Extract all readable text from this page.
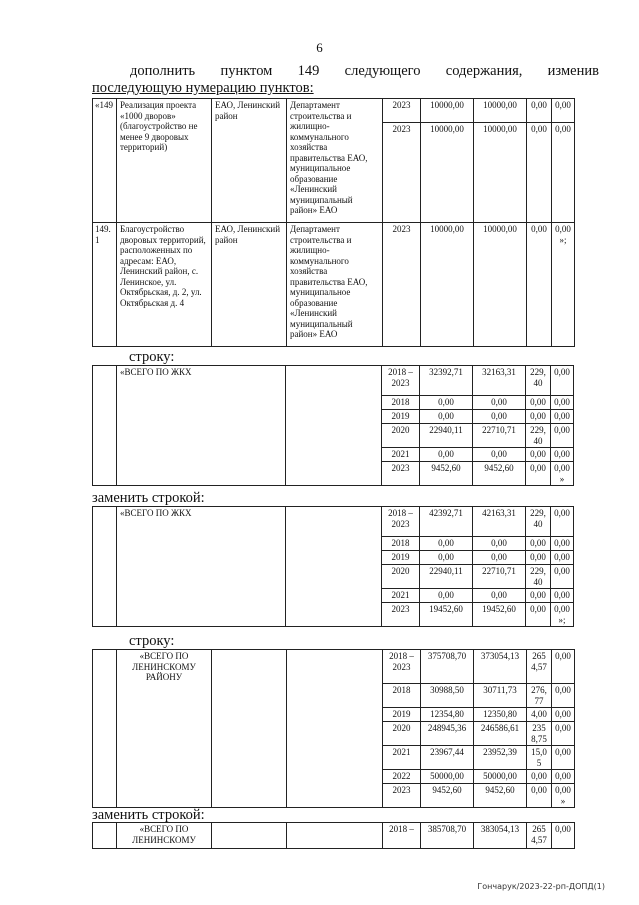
6
дополнить пунктом 149 следующего содержания, изменив
последующую нумерацию пунктов:
«149	Реализация проекта «1000 дворов» (благоустройство не менее 9 дворовых территорий)	ЕАО, Ленинский район	Департамент строительства и жилищно-коммунального хозяйства правительства ЕАО, муниципальное образование «Ленинский муниципальный район» ЕАО	2023	10000,00	10000,00	0,00	0,00
				2023	10000,00	10000,00	0,00	0,00
149. 1	Благоустройство дворовых территорий, расположенных по адресам: ЕАО, Ленинский район, с. Ленинское, ул. Октябрьская, д. 2, ул. Октябрьская д. 4	ЕАО, Ленинский район	Департамент строительства и жилищно-коммунального хозяйства правительства ЕАО, муниципальное образование «Ленинский муниципальный район» ЕАО	2023	10000,00	10000,00	0,00	0,00 »;
строку:
	«ВСЕГО ПО ЖКХ		2018 – 2023	32392,71	32163,31	229, 40	0,00
			2018	0,00	0,00	0,00	0,00
			2019	0,00	0,00	0,00	0,00
			2020	22940,11	22710,71	229, 40	0,00
			2021	0,00	0,00	0,00	0,00
			2023	9452,60	9452,60	0,00	0,00 »
заменить строкой:
	«ВСЕГО ПО ЖКХ		2018 – 2023	42392,71	42163,31	229, 40	0,00
			2018	0,00	0,00	0,00	0,00
			2019	0,00	0,00	0,00	0,00
			2020	22940,11	22710,71	229, 40	0,00
			2021	0,00	0,00	0,00	0,00
			2023	19452,60	19452,60	0,00	0,00 »;
строку:
	«ВСЕГО ПО ЛЕНИНСКОМУ РАЙОНУ			2018 – 2023	375708,70	373054,13	265 4,57	0,00
				2018	30988,50	30711,73	276, 77	0,00
				2019	12354,80	12350,80	4,00	0,00
				2020	248945,36	246586,61	235 8,75	0,00
				2021	23967,44	23952,39	15,0 5	0,00
				2022	50000,00	50000,00	0,00	0,00
				2023	9452,60	9452,60	0,00	0,00 »
заменить строкой:
	«ВСЕГО ПО ЛЕНИНСКОМУ			2018 –	385708,70	383054,13	265 4,57	0,00
Гончарук/2023-22-рп-ДОПД(1)
